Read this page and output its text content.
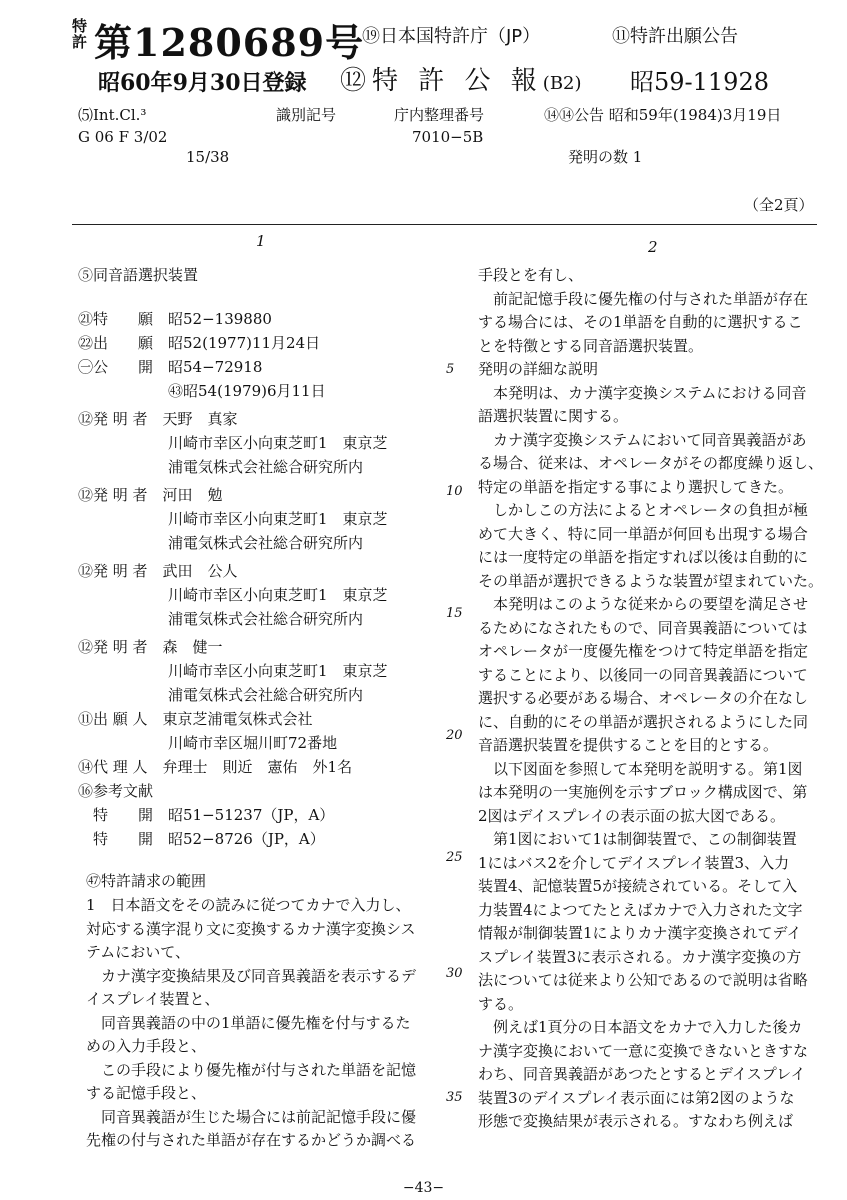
特許 第1280689号
昭60年9月30日登録
⑲日本国特許庁（JP）	⑪特許出願公告
⑫特 許 公 報(B2) 昭59-11928
⑸Int.Cl.³	識別記号	庁内整理番号	⑭⑭公告 昭和59年(1984)3月19日
G 06 F 3/02
15/38
7010−5B
発明の数 1
（全2頁）
1	2
⑤同音語選択装置
㉑特　　願　昭52−139880
㉒出　　願　昭52(1977)11月24日
㊀公　　開　昭54−72918
　　　　　　㊸昭54(1979)6月11日
⑫発 明 者　天野　真家
　　　　　　川崎市幸区小向東芝町1　東京芝
　　　　　　浦電気株式会社総合研究所内
⑫発 明 者　河田　勉
　　　　　　川崎市幸区小向東芝町1　東京芝
　　　　　　浦電気株式会社総合研究所内
⑫発 明 者　武田　公人
　　　　　　川崎市幸区小向東芝町1　東京芝
　　　　　　浦電気株式会社総合研究所内
⑫発 明 者　森　健一
　　　　　　川崎市幸区小向東芝町1　東京芝
　　　　　　浦電気株式会社総合研究所内
⑪出 願 人　東京芝浦電気株式会社
　　　　　　川崎市幸区堀川町72番地
⑭代 理 人　弁理士　則近　憲佑　外1名
⑯参考文献
　特　　開　昭51−51237（JP，A）
　特　　開　昭52−8726（JP，A）
㊼特許請求の範囲
1　日本語文をその読みに従つてカナで入力し、
対応する漢字混り文に変換するカナ漢字変換シス
テムにおいて、
　カナ漢字変換結果及び同音異義語を表示するデ
イスプレイ装置と、
　同音異義語の中の1単語に優先権を付与するた
めの入力手段と、
　この手段により優先権が付与された単語を記憶
する記憶手段と、
　同音異義語が生じた場合には前記記憶手段に優
先権の付与された単語が存在するかどうか調べる
手段とを有し、
　前記記憶手段に優先権の付与された単語が存在
する場合には、その1単語を自動的に選択するこ
とを特徴とする同音語選択装置。
発明の詳細な説明
　本発明は、カナ漢字変換システムにおける同音
語選択装置に関する。
　カナ漢字変換システムにおいて同音異義語があ
る場合、従来は、オペレータがその都度繰り返し、
特定の単語を指定する事により選択してきた。
　しかしこの方法によるとオペレータの負担が極
めて大きく、特に同一単語が何回も出現する場合
には一度特定の単語を指定すれば以後は自動的に
その単語が選択できるような装置が望まれていた。
　本発明はこのような従来からの要望を満足させ
るためになされたもので、同音異義語については
オペレータが一度優先権をつけて特定単語を指定
することにより、以後同一の同音異義語について
選択する必要がある場合、オペレータの介在なし
に、自動的にその単語が選択されるようにした同
音語選択装置を提供することを目的とする。
　以下図面を参照して本発明を説明する。第1図
は本発明の一実施例を示すブロック構成図で、第
2図はデイスプレイの表示面の拡大図である。
　第1図において1は制御装置で、この制御装置
1にはバス2を介してデイスプレイ装置3、入力
装置4、記憶装置5が接続されている。そして入
力装置4によつてたとえばカナで入力された文字
情報が制御装置1によりカナ漢字変換されてデイ
スプレイ装置3に表示される。カナ漢字変換の方
法については従来より公知であるので説明は省略
する。
　例えば1頁分の日本語文をカナで入力した後カ
ナ漢字変換において一意に変換できないときすな
わち、同音異義語があつたとするとデイスプレイ
装置3のデイスプレイ表示面には第2図のような
形態で変換結果が表示される。すなわち例えば
5
10
15
20
25
30
35
−43−
